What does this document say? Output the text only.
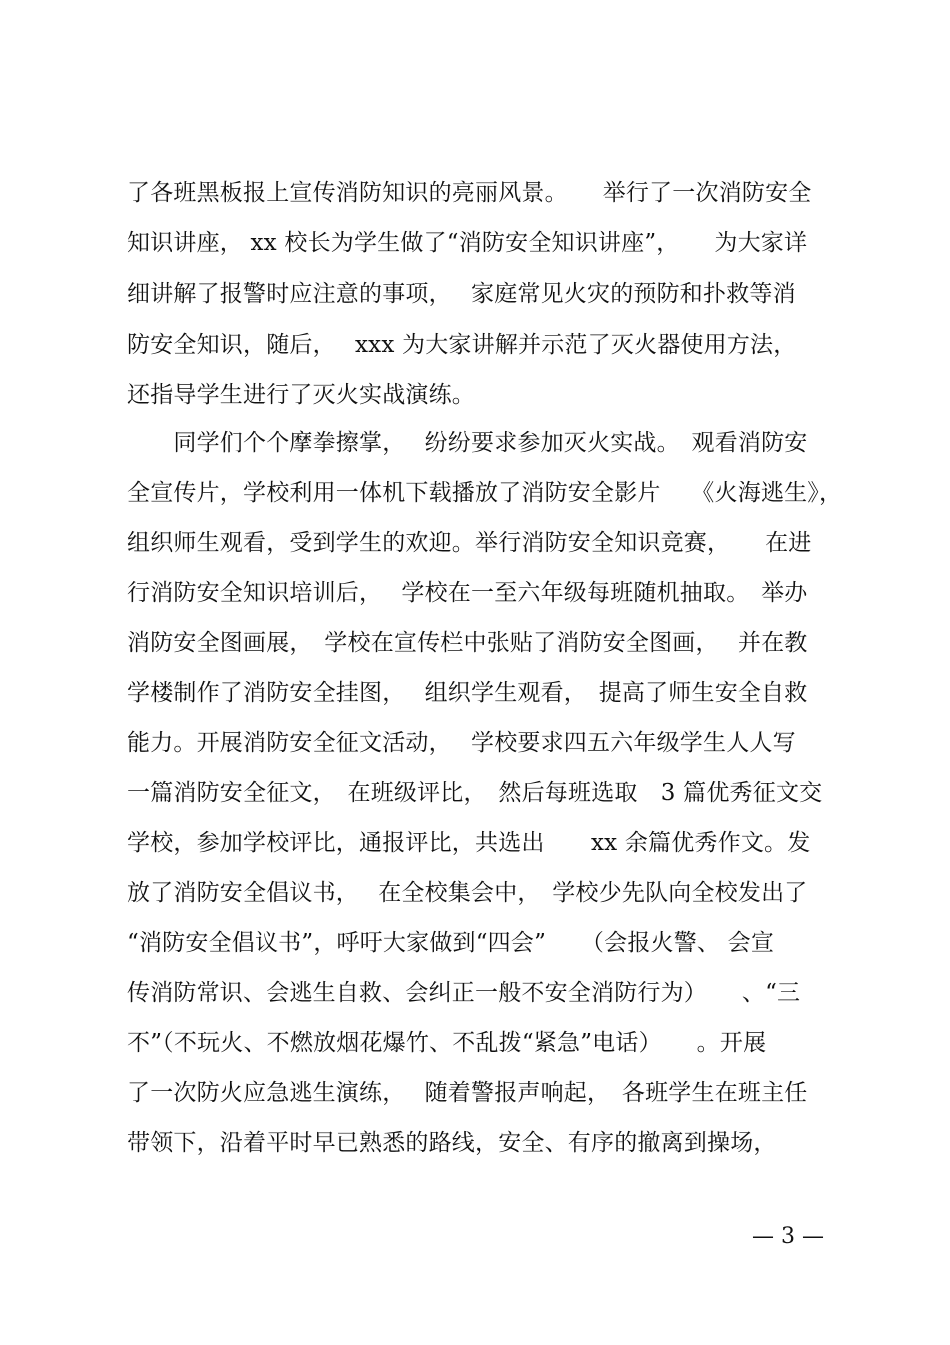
了各班黑板报上宣传消防知识的亮丽风景。　　举行了一次消防安全
知识讲座， xx 校长为学生做了“消防安全知识讲座”，　　为大家详
细讲解了报警时应注意的事项，　 家庭常见火灾的预防和扑救等消
防安全知识，随后，　 xxx 为大家讲解并示范了灭火器使用方法，
还指导学生进行了灭火实战演练。
　　同学们个个摩拳擦掌，　 纷纷要求参加灭火实战。　观看消防安
全宣传片，学校利用一体机下载播放了消防安全影片　 《火海逃生》，
组织师生观看，受到学生的欢迎。举行消防安全知识竞赛，　　在进
行消防安全知识培训后，　 学校在一至六年级每班随机抽取。　举办
消防安全图画展，　学校在宣传栏中张贴了消防安全图画，　 并在教
学楼制作了消防安全挂图，　 组织学生观看，　提高了师生安全自救
能力。开展消防安全征文活动，　 学校要求四五六年级学生人人写
一篇消防安全征文，　在班级评比，　然后每班选取　3 篇优秀征文交
学校，参加学校评比，通报评比，共选出　　xx 余篇优秀作文。发
放了消防安全倡议书，　 在全校集会中，　学校少先队向全校发出了
“消防安全倡议书”，呼吁大家做到“四会”　　（会报火警、 会宣
传消防常识、会逃生自救、会纠正一般不安全消防行为）　　、“三
不”（不玩火、不燃放烟花爆竹、不乱拨“紧急”电话）　　。开展
了一次防火应急逃生演练，　 随着警报声响起，　各班学生在班主任
带领下，沿着平时早已熟悉的路线，安全、有序的撤离到操场，
— 3 —
